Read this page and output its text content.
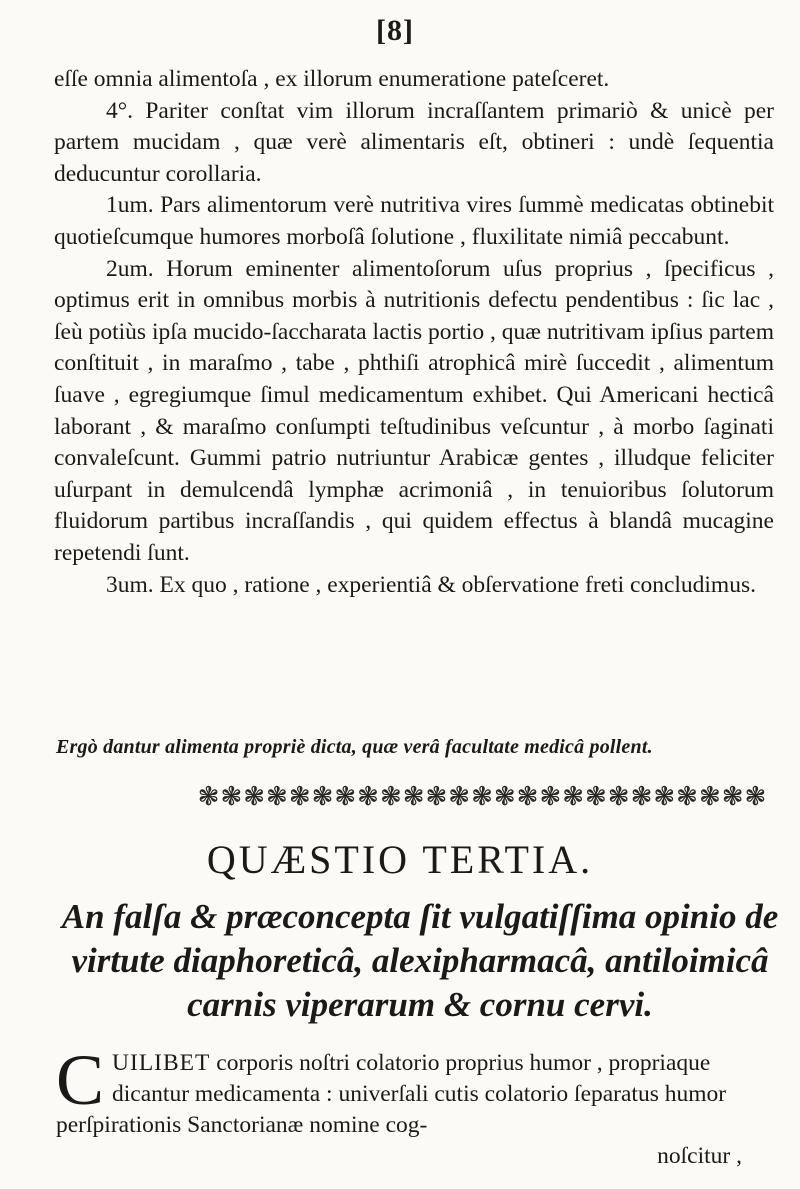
[8]

eſſe omnia alimentoſa , ex illorum enumeratione pateſceret.

4°. Pariter conſtat vim illorum incraſſantem primariò & unicè per partem mucidam , quæ verè alimentaris eſt, obtineri : undè ſequentia deducuntur corollaria.

1um. Pars alimentorum verè nutritiva vires ſummè medicatas obtinebit quotieſcumque humores morboſâ ſolutione , fluxilitate nimiâ peccabunt.

2um. Horum eminenter alimentoſorum uſus proprius , ſpecificus , optimus erit in omnibus morbis à nutritionis defectu pendentibus : ſic lac , ſeù potiùs ipſa mucido-ſaccharata lactis portio , quæ nutritivam ipſius partem conſtituit , in maraſmo , tabe , phthiſi atrophicâ mirè ſuccedit , alimentum ſuave , egregiumque ſimul medicamentum exhibet. Qui Americani hecticâ laborant , & maraſmo conſumpti teſtudinibus veſcuntur , à morbo ſaginati convaleſcunt. Gummi patrio nutriuntur Arabicæ gentes , illudque feliciter uſurpant in demulcendâ lymphæ acrimoniâ , in tenuioribus ſolutorum fluidorum partibus incraſſandis , qui quidem effectus à blandâ mucagine repetendi ſunt.

3um. Ex quo , ratione , experientiâ & obſervatione freti concludimus.

Ergò dantur alimenta propriè dicta, quæ verâ facultate medicâ pollent.
❃❃❃❃❃❃❃❃❃❃❃❃❃❃❃❃❃❃❃❃❃❃❃❃❃
QUÆSTIO TERTIA.
An falſa & præconcepta ſit vulgatiſſima opinio de virtute diaphoreticâ, alexipharmacâ, antiloimicâ carnis viperarum & cornu cervi.
C UILIBET corporis noſtri colatorio proprius humor , propriaque dicantur medicamenta : univerſali cutis colatorio ſeparatus humor perſpirationis Sanctorianæ nomine cog-
noſcitur ,
